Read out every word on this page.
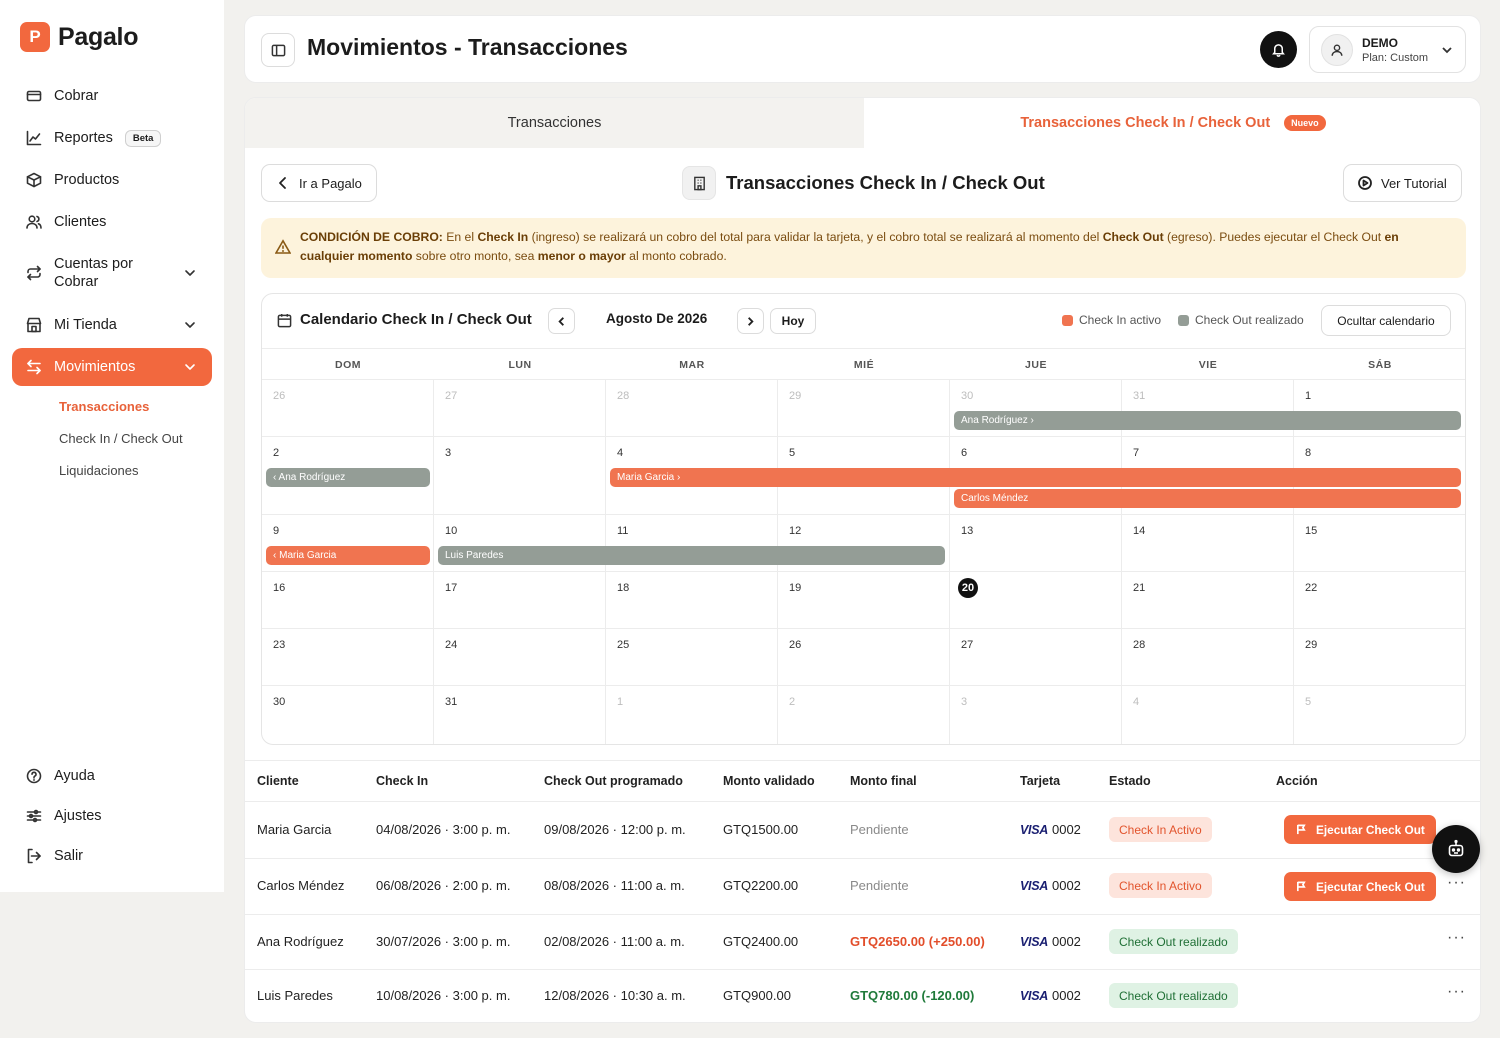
P Pagalo
Cobrar
Reportes	Beta
Productos
Clientes
Cuentas por Cobrar
Mi Tienda
Movimientos
Transacciones
Check In / Check Out
Liquidaciones
Ayuda
Ajustes
Salir
Movimientos - Transacciones	DEMO
Plan: Custom
Transacciones	Transacciones Check In / Check Out	Nuevo
Ir a Pagalo	Transacciones Check In / Check Out	Ver Tutorial
CONDICIÓN DE COBRO: En el Check In (ingreso) se realizará un cobro del total para validar la tarjeta, y el cobro total se realizará al momento del Check Out (egreso). Puedes ejecutar el Check Out en cualquier momento sobre otro monto, sea menor o mayor al monto cobrado.
Calendario Check In / Check Out	Agosto De 2026	Hoy	Check In activo	Check Out realizado	Ocultar calendario
DOM	LUN	MAR	MIÉ	JUE	VIE	SÁB
26	27	28	29	30	31	1
2	3	4	5	6	7	8
9	10	11	12	13	14	15
16	17	18	19	20	21	22
23	24	25	26	27	28	29
30	31	1	2	3	4	5
Ana Rodríguez ›
‹ Ana Rodríguez	Maria Garcia ›
Carlos Méndez
‹ Maria Garcia	Luis Paredes
Cliente	Check In	Check Out programado	Monto validado	Monto final	Tarjeta	Estado	Acción
Maria Garcia	04/08/2026 · 3:00 p. m.	09/08/2026 · 12:00 p. m.	GTQ1500.00	Pendiente	VISA 0002	Check In Activo	Ejecutar Check Out
Carlos Méndez 06/08/2026 · 2:00 p. m.	08/08/2026 · 11:00 a. m.	GTQ2200.00	Pendiente	VISA 0002	Check In Activo	Ejecutar Check Out ···
Ana Rodríguez 30/07/2026 · 3:00 p. m.	02/08/2026 · 11:00 a. m.	GTQ2400.00	GTQ2650.00 (+250.00)	VISA 0002	Check Out realizado	···
Luis Paredes	10/08/2026 · 3:00 p. m.	12/08/2026 · 10:30 a. m.	GTQ900.00	GTQ780.00 (-120.00)	VISA 0002	Check Out realizado	···
